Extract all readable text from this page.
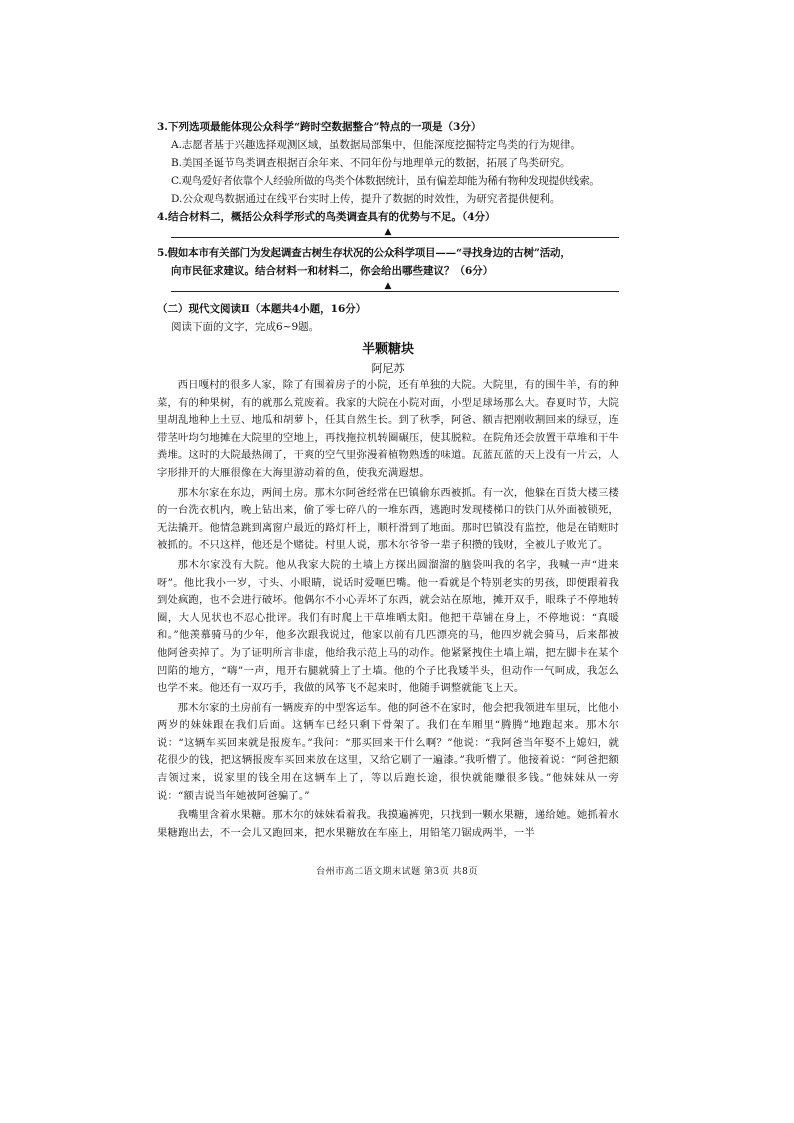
3.下列选项最能体现公众科学“跨时空数据整合”特点的一项是（3分）

A.志愿者基于兴趣选择观测区域，虽数据局部集中，但能深度挖掘特定鸟类的行为规律。

B.美国圣诞节鸟类调查根据百余年来、不同年份与地理单元的数据，拓展了鸟类研究。

C.观鸟爱好者依靠个人经验所做的鸟类个体数据统计，虽有偏差却能为稀有物种发现提供线索。

D.公众观鸟数据通过在线平台实时上传，提升了数据的时效性，为研究者提供便利。

4.结合材料二，概括公众科学形式的鸟类调查具有的优势与不足。（4分）

▲

5.假如本市有关部门为发起调查古树生存状况的公众科学项目——“寻找身边的古树”活动，

向市民征求建议。结合材料一和材料二，你会给出哪些建议？（6分）

▲

（二）现代文阅读Ⅱ（本题共4小题，16分）

阅读下面的文字，完成6~9题。

半颗糖块

阿尼苏

西日嘎村的很多人家，除了有围着房子的小院，还有单独的大院。大院里，有的围牛羊，有的种菜，有的种果树，有的就那么荒废着。我家的大院在小院对面，小型足球场那么大。春夏时节，大院里胡乱地种上土豆、地瓜和胡萝卜，任其自然生长。到了秋季，阿爸、额吉把刚收割回来的绿豆，连带茎叶均匀地摊在大院里的空地上，再找拖拉机转圈碾压，使其脱粒。在院角还会放置干草堆和干牛粪堆。这时的大院最热闹了，干爽的空气里弥漫着植物熟透的味道。瓦蓝瓦蓝的天上没有一片云，人字形排开的大雁很像在大海里游动着的鱼，使我充满遐想。

那木尔家在东边，两间土房。那木尔阿爸经常在巴镇偷东西被抓。有一次，他躲在百货大楼三楼的一台洗衣机内，晚上钻出来，偷了零七碎八的一堆东西，逃跑时发现楼梯口的铁门从外面被锁死，无法撬开。他情急跳到离窗户最近的路灯杆上，顺杆滑到了地面。那时巴镇没有监控，他是在销赃时被抓的。不只这样，他还是个赌徒。村里人说，那木尔爷爷一辈子积攒的钱财，全被儿子败光了。

那木尔家没有大院。他从我家大院的土墙上方探出圆溜溜的脑袋叫我的名字，我喊一声“进来呀”。他比我小一岁，寸头、小眼睛，说话时爱咂巴嘴。他一看就是个特别老实的男孩，即便跟着我到处疯跑，也不会进行破坏。他偶尔不小心弄坏了东西，就会站在原地，摊开双手，眼珠子不停地转圈，大人见状也不忍心批评。我们有时爬上干草堆晒太阳。他把干草铺在身上，不停地说：“真暖和。”他羡慕骑马的少年，他多次跟我说过，他家以前有几匹漂亮的马，他四岁就会骑马，后来都被他阿爸卖掉了。为了证明所言非虚，他给我示范上马的动作。他紧紧拽住土墙上端，把左脚卡在某个凹陷的地方，“嗨”一声，甩开右腿就骑上了土墙。他的个子比我矮半头，但动作一气呵成，我怎么也学不来。他还有一双巧手，我做的风筝飞不起来时，他随手调整就能飞上天。

那木尔家的土房前有一辆废弃的中型客运车。他的阿爸不在家时，他会把我领进车里玩，比他小两岁的妹妹跟在我们后面。这辆车已经只剩下骨架了。我们在车厢里“腾腾”地跑起来。那木尔说：“这辆车买回来就是报废车。”我问：“那买回来干什么啊？”他说：“我阿爸当年娶不上媳妇，就花很少的钱，把这辆报废车买回来放在这里，又给它刷了一遍漆。”我听懵了。他接着说：“阿爸把额吉领过来，说家里的钱全用在这辆车上了，等以后跑长途，很快就能赚很多钱。”他妹妹从一旁说：“额吉说当年她被阿爸骗了。”

我嘴里含着水果糖。那木尔的妹妹看着我。我摸遍裤兜，只找到一颗水果糖，递给她。她抓着水果糖跑出去，不一会儿又跑回来，把水果糖放在车座上，用铅笔刀锯成两半，一半

台州市高二语文期末试题 第3页 共8页
